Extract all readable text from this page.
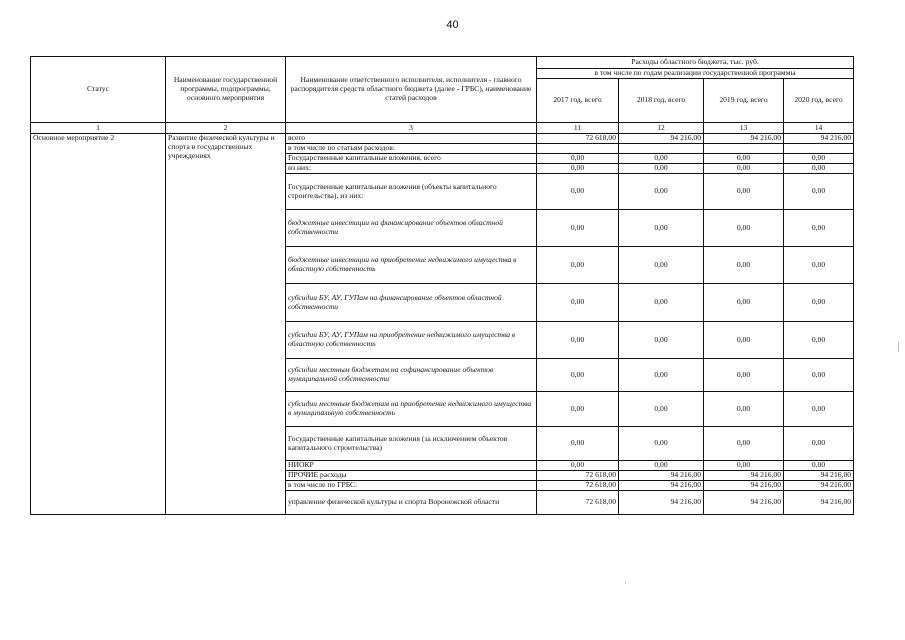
40
Статус	Наименование государственной программы, подпрограммы, основного мероприятия	Наименование ответственного исполнителя, исполнителя - главного распорядителя средств областного бюджета (далее - ГРБС), наименование статей расходов	Расходы областного бюджета, тыс. руб.			
			в том числе по годам реализации государственной программы			
			2017 год, всего	2018 год, всего	2019 год, всего	2020 год, всего
1	2	3	11	12	13	14
Основное мероприятие 2	Развитие физической культуры и спорта в государственных учреждениях	всего	72 618,00	94 216,00	94 216,00	94 216,00
		в том числе по статьям расходов:				
		Государственные капитальные вложения, всего	0,00	0,00	0,00	0,00
		из них:	0,00	0,00	0,00	0,00
		Государственные капитальные вложения (объекты капитального строительства), из них:	0,00	0,00	0,00	0,00
		бюджетные инвестиции на финансирование объектов областной собственности	0,00	0,00	0,00	0,00
		бюджетные инвестиции на приобретение недвижимого имущества в областную собственность	0,00	0,00	0,00	0,00
		субсидии БУ, АУ, ГУПам на финансирование объектов областной собственности	0,00	0,00	0,00	0,00
		субсидии БУ, АУ, ГУПам на приобретение недвижимого имущества в областную собственность	0,00	0,00	0,00	0,00
		субсидии местным бюджетам на софинансирование объектов муниципальной собственности	0,00	0,00	0,00	0,00
		субсидии местным бюджетам на приобретение недвижимого имущества в муниципальную собственность	0,00	0,00	0,00	0,00
		Государственные капитальные вложения (за исключением объектов капитального строительства)	0,00	0,00	0,00	0,00
		НИОКР	0,00	0,00	0,00	0,00
		ПРОЧИЕ расходы	72 618,00	94 216,00	94 216,00	94 216,00
		в том числе по ГРБС:	72 618,00	94 216,00	94 216,00	94 216,00
		управление физической культуры и спорта Воронежской области	72 618,00	94 216,00	94 216,00	94 216,00
